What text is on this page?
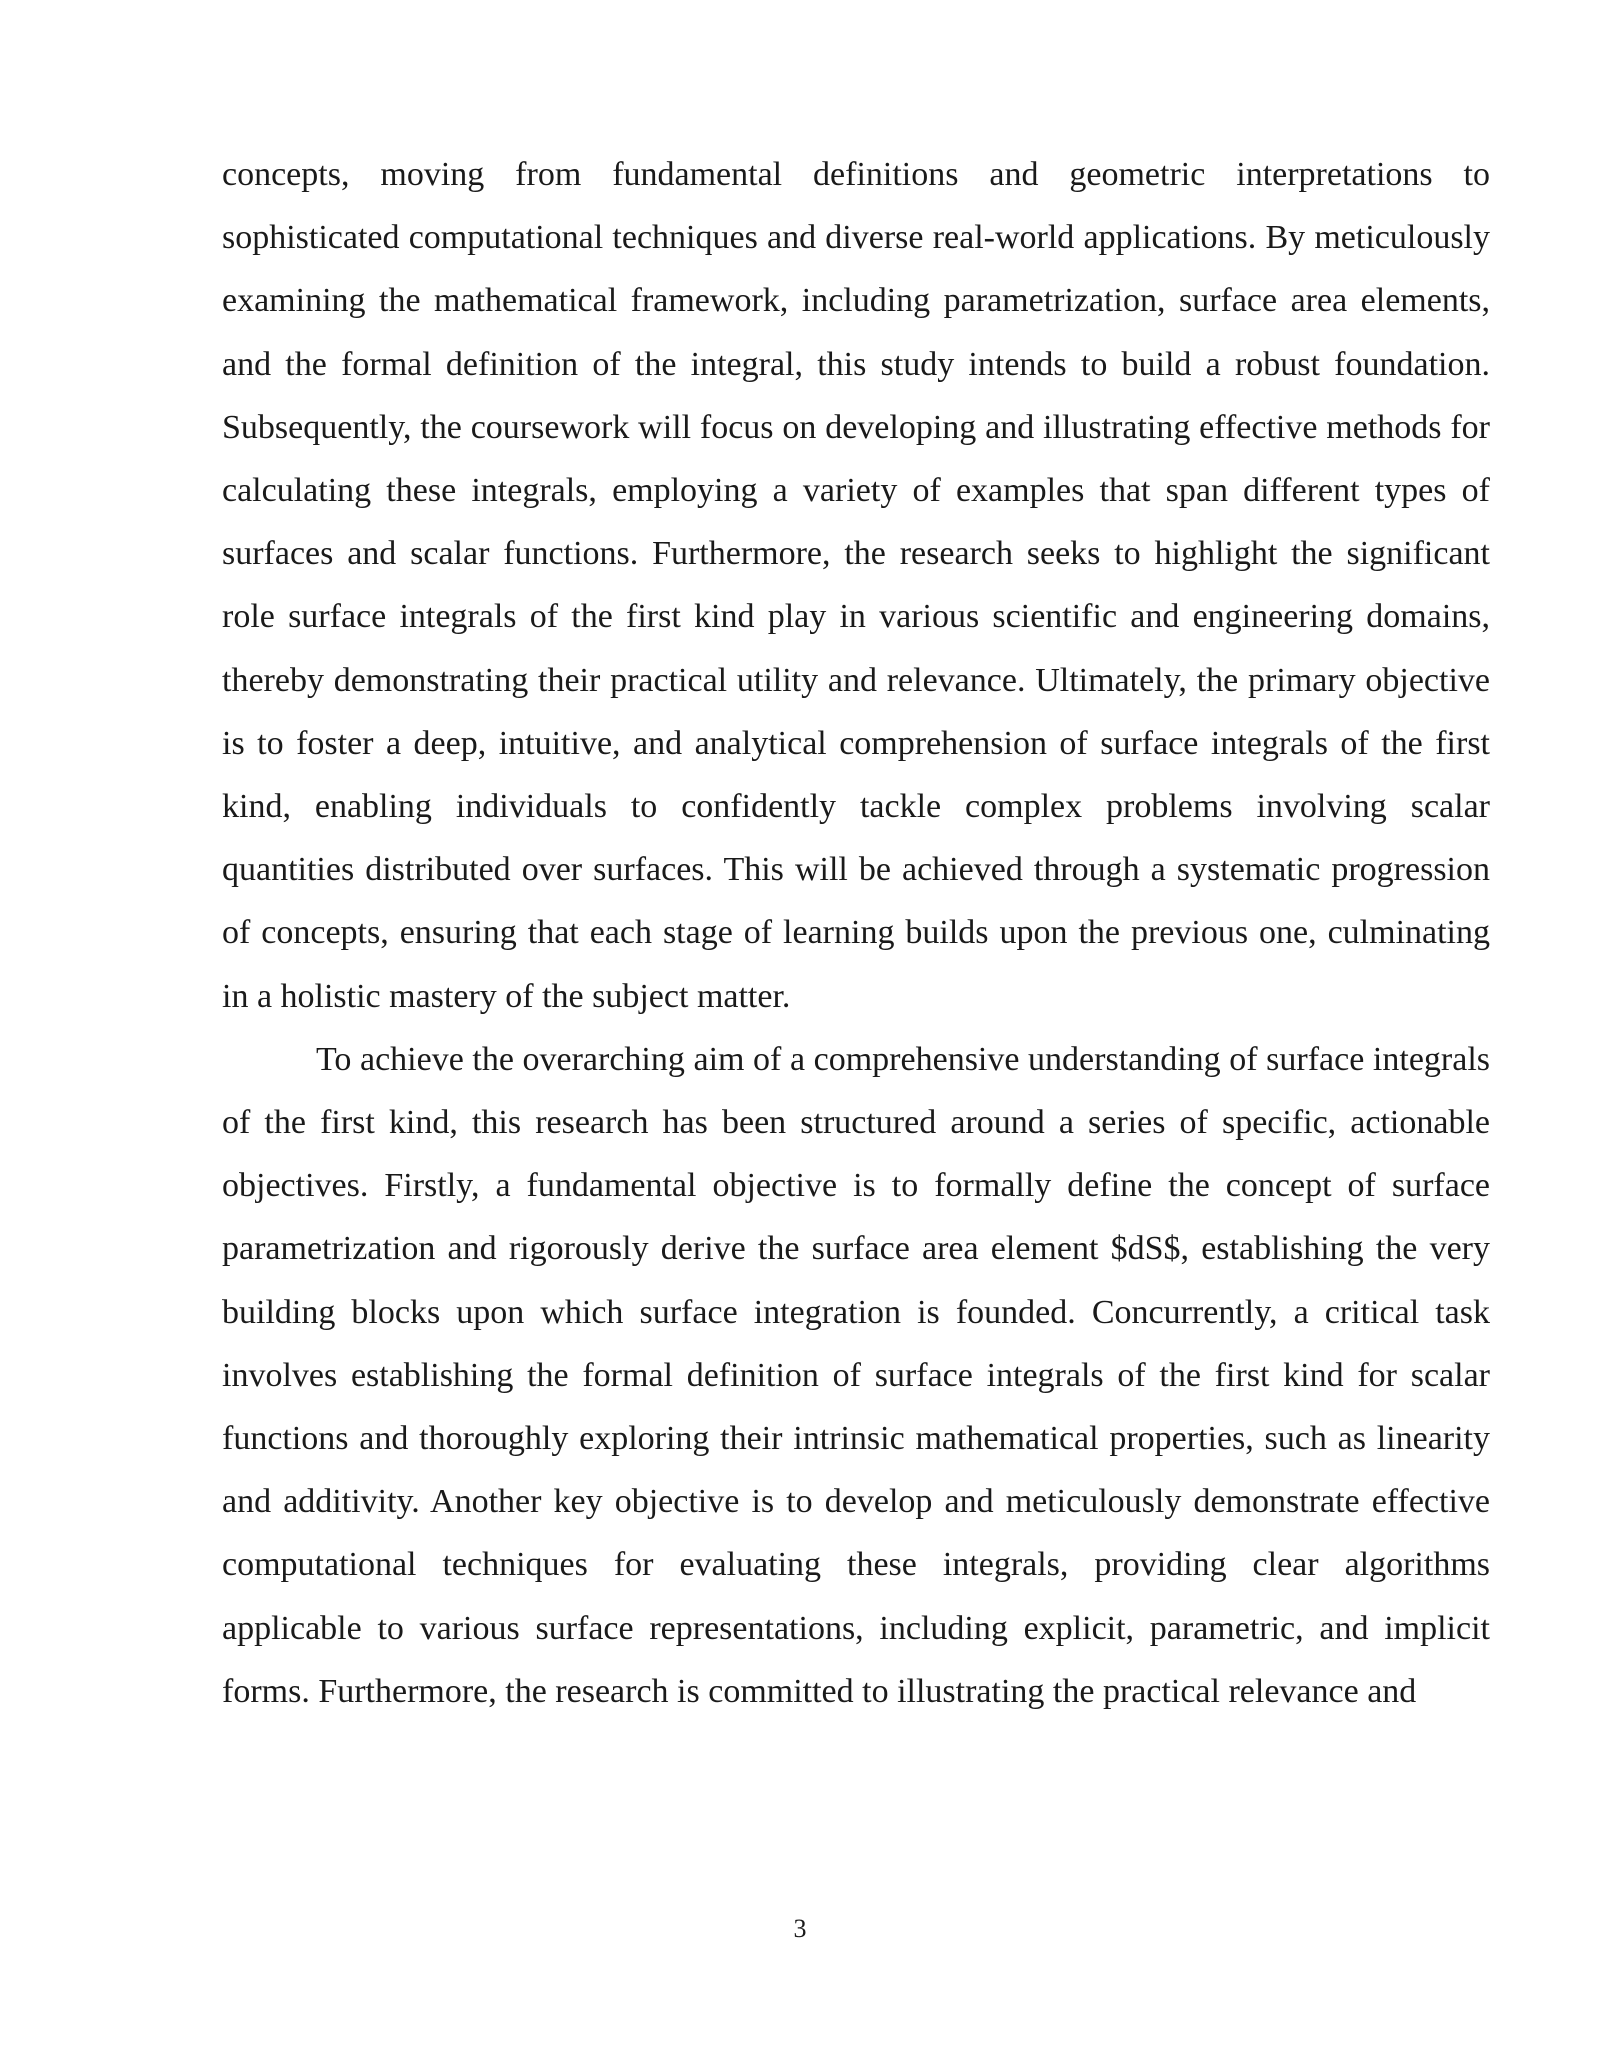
concepts, moving from fundamental definitions and geometric interpretations to sophisticated computational techniques and diverse real-world applications. By meticulously examining the mathematical framework, including parametrization, surface area elements, and the formal definition of the integral, this study intends to build a robust foundation. Subsequently, the coursework will focus on developing and illustrating effective methods for calculating these integrals, employing a variety of examples that span different types of surfaces and scalar functions. Furthermore, the research seeks to highlight the significant role surface integrals of the first kind play in various scientific and engineering domains, thereby demonstrating their practical utility and relevance. Ultimately, the primary objective is to foster a deep, intuitive, and analytical comprehension of surface integrals of the first kind, enabling individuals to confidently tackle complex problems involving scalar quantities distributed over surfaces. This will be achieved through a systematic progression of concepts, ensuring that each stage of learning builds upon the previous one, culminating in a holistic mastery of the subject matter.

To achieve the overarching aim of a comprehensive understanding of surface integrals of the first kind, this research has been structured around a series of specific, actionable objectives. Firstly, a fundamental objective is to formally define the concept of surface parametrization and rigorously derive the surface area element $dS$, establishing the very building blocks upon which surface integration is founded. Concurrently, a critical task involves establishing the formal definition of surface integrals of the first kind for scalar functions and thoroughly exploring their intrinsic mathematical properties, such as linearity and additivity. Another key objective is to develop and meticulously demonstrate effective computational techniques for evaluating these integrals, providing clear algorithms applicable to various surface representations, including explicit, parametric, and implicit forms. Furthermore, the research is committed to illustrating the practical relevance and

3
